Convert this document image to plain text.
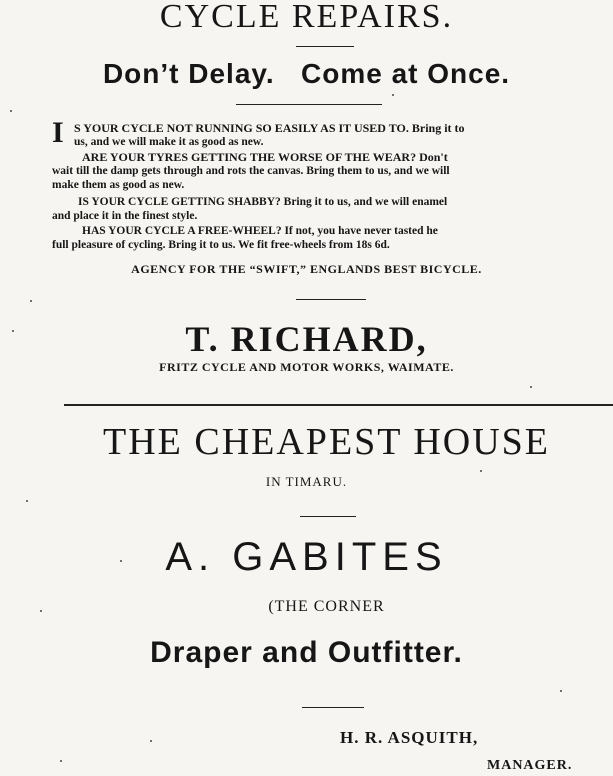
CYCLE REPAIRS.
Don’t Delay.   Come at Once.
I S YOUR CYCLE NOT RUNNING SO EASILY AS IT USED TO. Bring it to
us, and we will make it as good as new.
ARE YOUR TYRES GETTING THE WORSE OF THE WEAR? Don't
wait till the damp gets through and rots the canvas. Bring them to us, and we will
make them as good as new.
IS YOUR CYCLE GETTING SHABBY? Bring it to us, and we will enamel
and place it in the finest style.
HAS YOUR CYCLE A FREE-WHEEL? If not, you have never tasted he
full pleasure of cycling. Bring it to us. We fit free-wheels from 18s 6d.
AGENCY FOR THE “SWIFT,” ENGLANDS BEST BICYCLE.
T. RICHARD,
FRITZ CYCLE AND MOTOR WORKS, WAIMATE.
THE CHEAPEST HOUSE
IN TIMARU.
A. GABITES
(THE CORNER
Draper and Outfitter.
H. R. ASQUITH,
MANAGER.
